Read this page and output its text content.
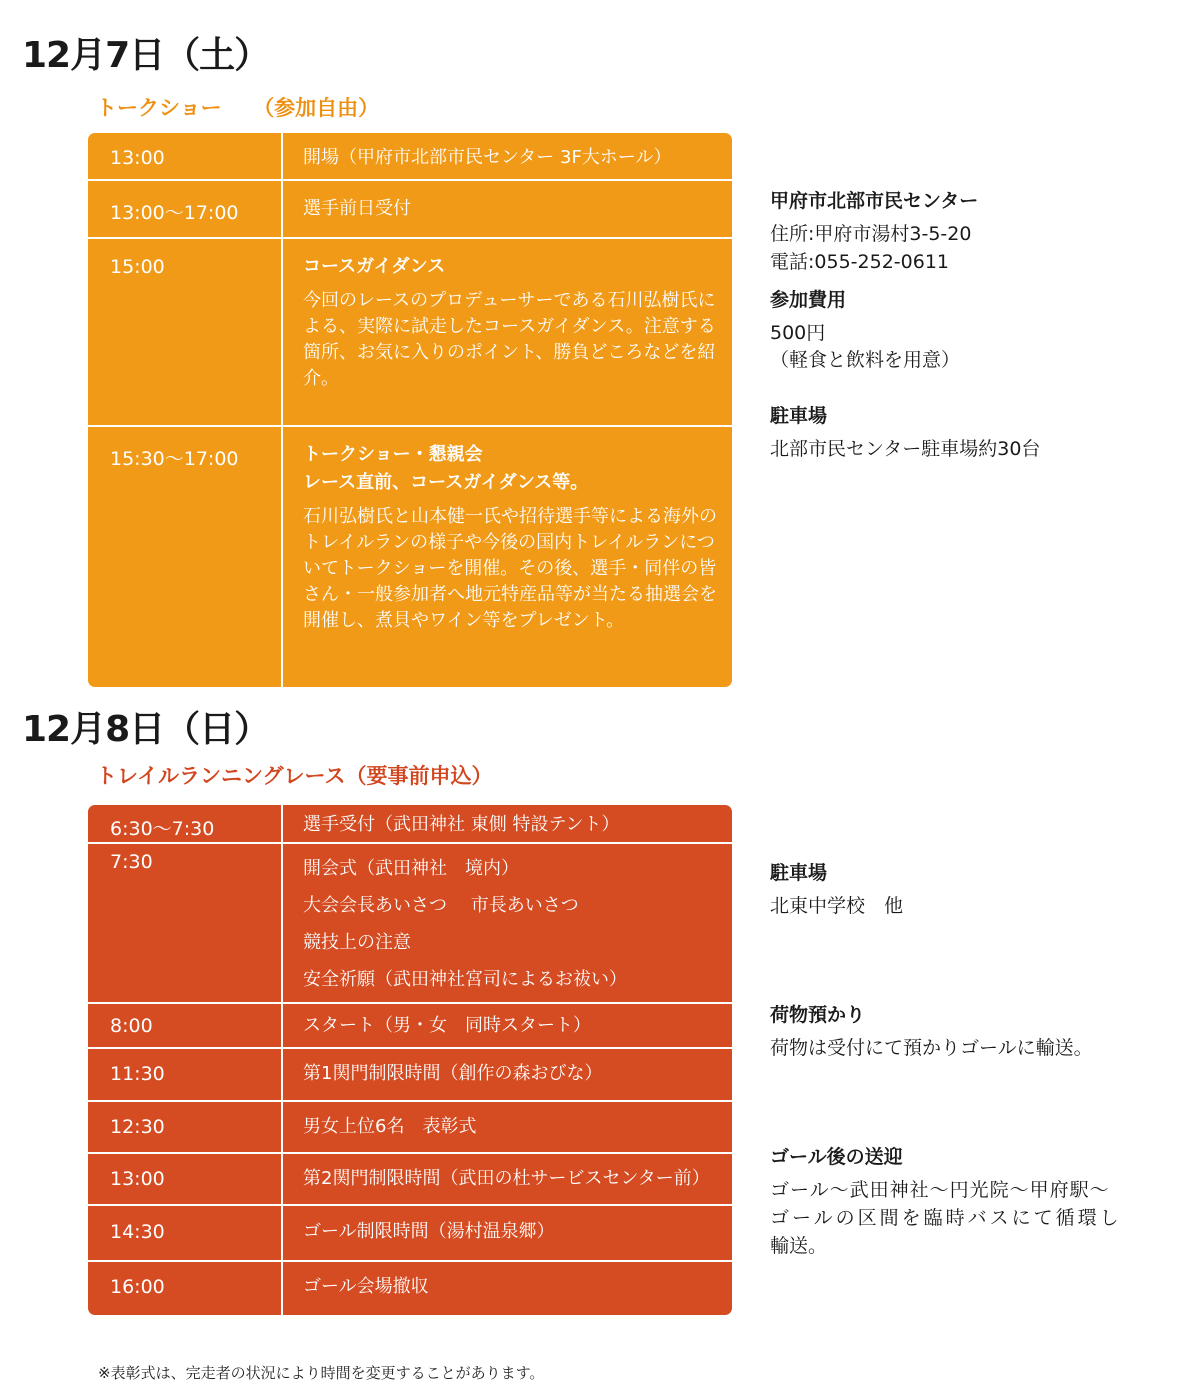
12月7日（土）
トークショー　　（参加自由）
13:00	開場（甲府市北部市民センター 3F大ホール）

13:00〜17:00	選手前日受付

15:00	コースガイダンス

今回のレースのプロデューサーである石川弘樹氏による、実際に試走したコースガイダンス。注意する箇所、お気に入りのポイント、勝負どころなどを紹介。

15:30〜17:00	トークショー・懇親会

レース直前、コースガイダンス等。

石川弘樹氏と山本健一氏や招待選手等による海外のトレイルランの様子や今後の国内トレイルランについてトークショーを開催。その後、選手・同伴の皆さん・一般参加者へ地元特産品等が当たる抽選会を開催し、煮貝やワイン等をプレゼント。

甲府市北部市民センター

住所:甲府市湯村3-5-20

電話:055-252-0611

参加費用

500円

（軽食と飲料を用意）

駐車場

北部市民センター駐車場約30台

12月8日（日）
トレイルランニングレース（要事前申込）
6:30〜7:30	選手受付（武田神社 東側 特設テント）

7:30	開会式（武田神社　境内）

大会会長あいさつ　 市長あいさつ

競技上の注意

安全祈願（武田神社宮司によるお祓い）

8:00	スタート（男・女　同時スタート）

11:30	第1関門制限時間（創作の森おびな）

12:30	男女上位6名　表彰式

13:00	第2関門制限時間（武田の杜サービスセンター前）

14:30	ゴール制限時間（湯村温泉郷）

16:00	ゴール会場撤収

駐車場

北東中学校　他

荷物預かり

荷物は受付にて預かりゴールに輸送。

ゴール後の送迎

ゴール〜武田神社〜円光院〜甲府駅〜

ゴールの区間を臨時バスにて循環し

輸送。

※表彰式は、完走者の状況により時間を変更することがあります。
